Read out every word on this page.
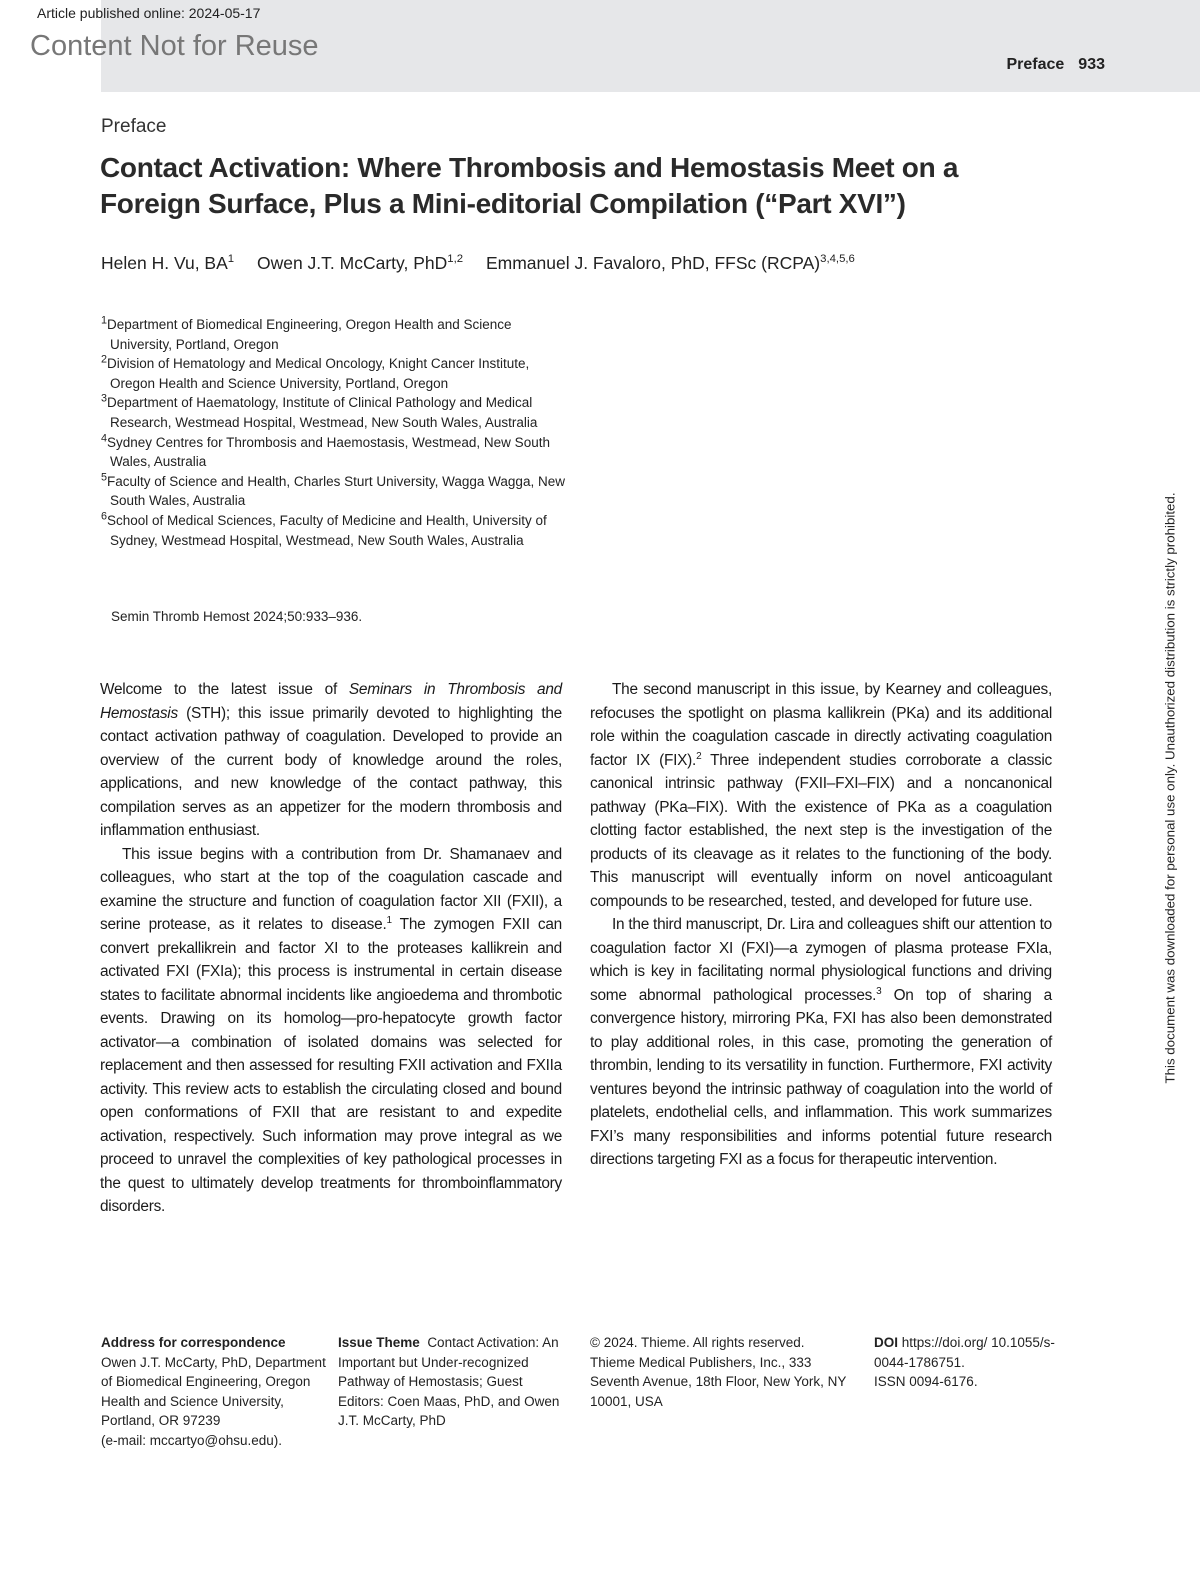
Article published online: 2024-05-17
Content Not for Reuse
Preface 933
Preface
Contact Activation: Where Thrombosis and Hemostasis Meet on a Foreign Surface, Plus a Mini-editorial Compilation (“Part XVI”)
Helen H. Vu, $BA^1$ Owen J.T. McCarty, PhD$^{1,2}$ Emmanuel J. Favaloro, PhD, FFSc (RCPA)$^{3,4,5,6}$
$^1$Department of Biomedical Engineering, Oregon Health and Science University, Portland, Oregon
$^2$Division of Hematology and Medical Oncology, Knight Cancer Institute, Oregon Health and Science University, Portland, Oregon
$^3$Department of Haematology, Institute of Clinical Pathology and Medical Research, Westmead Hospital, Westmead, New South Wales, Australia
$^4$Sydney Centres for Thrombosis and Haemostasis, Westmead, New South Wales, Australia
$^5$Faculty of Science and Health, Charles Sturt University, Wagga Wagga, New South Wales, Australia
$^6$School of Medical Sciences, Faculty of Medicine and Health, University of Sydney, Westmead Hospital, Westmead, New South Wales, Australia
Semin Thromb Hemost 2024;50:933–936.

Welcome to the latest issue of Seminars in Thrombosis and Hemostasis (STH); this issue primarily devoted to highlighting the contact activation pathway of coagulation. Developed to provide an overview of the current body of knowledge around the roles, applications, and new knowledge of the contact pathway, this compilation serves as an appetizer for the modern thrombosis and inflammation enthusiast.

This issue begins with a contribution from Dr. Shamanaev and colleagues, who start at the top of the coagulation cascade and examine the structure and function of coagulation factor XII (FXII), a serine protease, as it relates to disease.$^1$ The zymogen FXII can convert prekallikrein and factor XI to the proteases kallikrein and activated FXI (FXIa); this process is instrumental in certain disease states to facilitate abnormal incidents like angioedema and thrombotic events. Drawing on its homolog—pro-hepatocyte growth factor activator—a combination of isolated domains was selected for replacement and then assessed for resulting FXII activation and FXIIa activity. This review acts to establish the circulating closed and bound open conformations of FXII that are resistant to and expedite activation, respectively. Such information may prove integral as we proceed to unravel the complexities of key pathological processes in the quest to ultimately develop treatments for thromboinflammatory disorders.

The second manuscript in this issue, by Kearney and colleagues, refocuses the spotlight on plasma kallikrein (PKa) and its additional role within the coagulation cascade in directly activating coagulation factor IX (FIX).$^2$ Three independent studies corroborate a classic canonical intrinsic pathway (FXII–FXI–FIX) and a noncanonical pathway (PKa–FIX). With the existence of PKa as a coagulation clotting factor established, the next step is the investigation of the products of its cleavage as it relates to the functioning of the body. This manuscript will eventually inform on novel anticoagulant compounds to be researched, tested, and developed for future use.

In the third manuscript, Dr. Lira and colleagues shift our attention to coagulation factor XI (FXI)—a zymogen of plasma protease FXIa, which is key in facilitating normal physiological functions and driving some abnormal pathological processes.$^3$ On top of sharing a convergence history, mirroring PKa, FXI has also been demonstrated to play additional roles, in this case, promoting the generation of thrombin, lending to its versatility in function. Furthermore, FXI activity ventures beyond the intrinsic pathway of coagulation into the world of platelets, endothelial cells, and inflammation. This work summarizes FXI’s many responsibilities and informs potential future research directions targeting FXI as a focus for therapeutic intervention.

Address for correspondence
Owen J.T. McCarty, PhD, Department of Biomedical Engineering, Oregon Health and Science University, Portland, OR 97239
(e-mail: mccartyo@ohsu.edu).
Issue Theme Contact Activation: An Important but Under-recognized Pathway of Hemostasis; Guest Editors: Coen Maas, PhD, and Owen J.T. McCarty, PhD
© 2024. Thieme. All rights reserved.
Thieme Medical Publishers, Inc., 333 Seventh Avenue, 18th Floor, New York, NY 10001, USA
DOI https://doi.org/ 10.1055/s-0044-1786751.
ISSN 0094-6176.
This document was downloaded for personal use only. Unauthorized distribution is strictly prohibited.
